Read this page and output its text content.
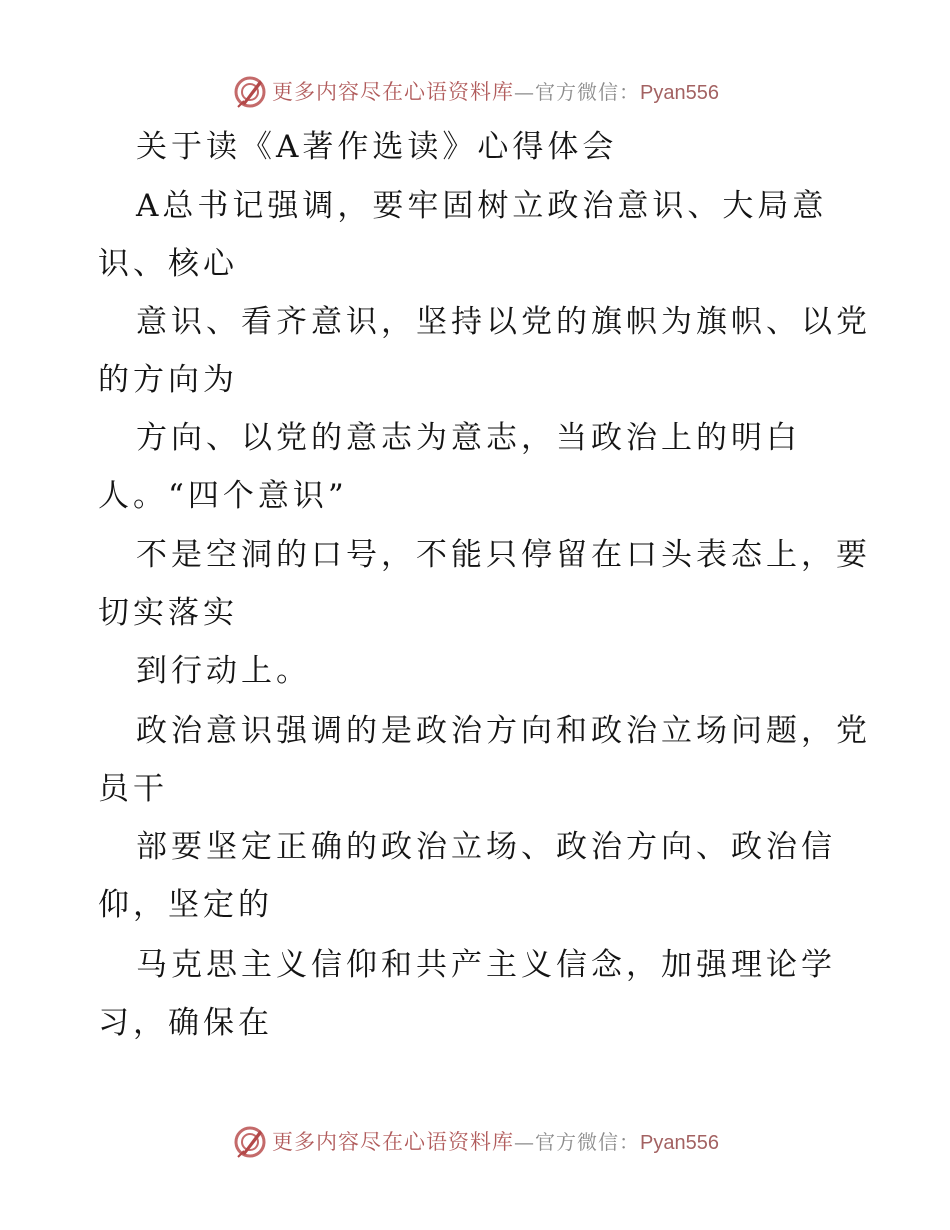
更多内容尽在心语资料库—官方微信：Pyan556
关于读《A著作选读》心得体会
A总书记强调，要牢固树立政治意识、大局意
识、核心
意识、看齐意识，坚持以党的旗帜为旗帜、以党
的方向为
方向、以党的意志为意志，当政治上的明白
人。“四个意识”
不是空洞的口号，不能只停留在口头表态上，要
切实落实
到行动上。
政治意识强调的是政治方向和政治立场问题，党
员干
部要坚定正确的政治立场、政治方向、政治信
仰，坚定的
马克思主义信仰和共产主义信念，加强理论学
习，确保在
更多内容尽在心语资料库—官方微信：Pyan556
